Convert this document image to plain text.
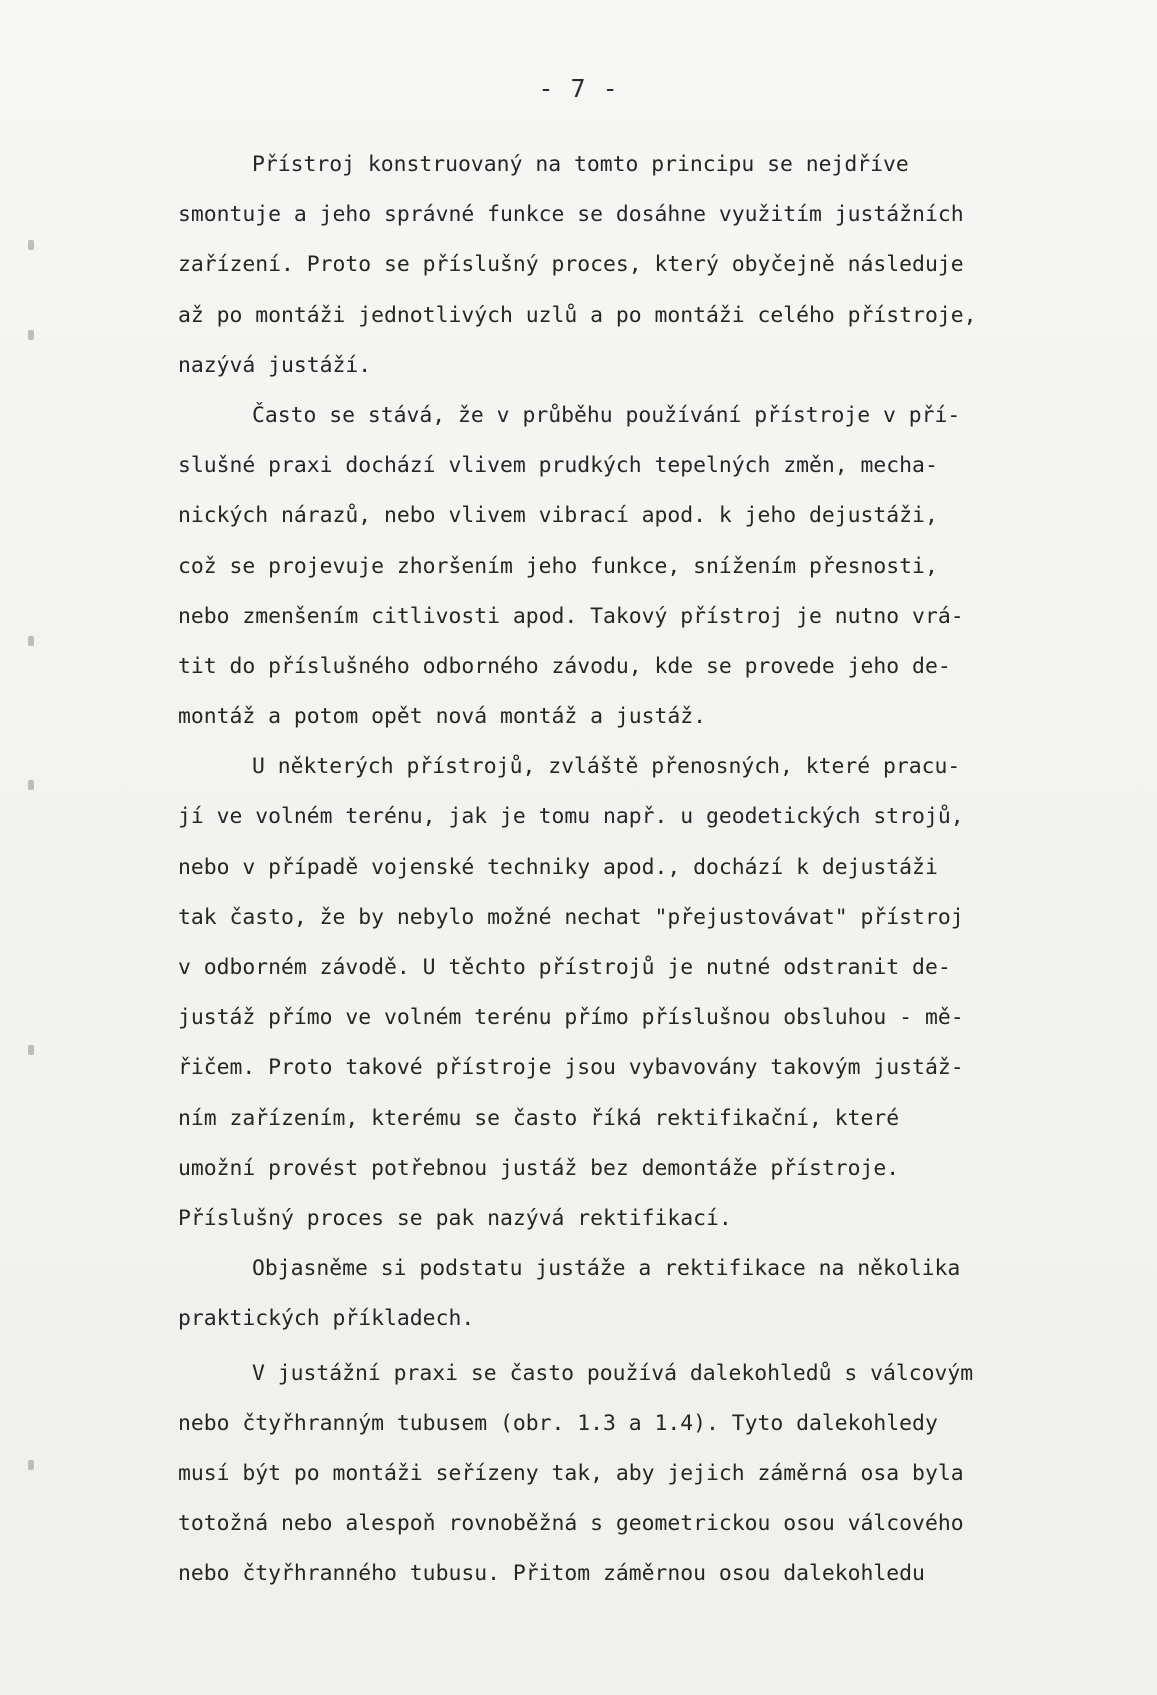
- 7 -
Přístroj konstruovaný na tomto principu se nejdříve
smontuje a jeho správné funkce se dosáhne využitím justážních
zařízení. Proto se příslušný proces, který obyčejně následuje
až po montáži jednotlivých uzlů a po montáži celého přístroje,
nazývá justáží.
Často se stává, že v průběhu používání přístroje v pří-
slušné praxi dochází vlivem prudkých tepelných změn, mecha-
nických nárazů, nebo vlivem vibrací apod. k jeho dejustáži,
což se projevuje zhoršením jeho funkce, snížením přesnosti,
nebo zmenšením citlivosti apod. Takový přístroj je nutno vrá-
tit do příslušného odborného závodu, kde se provede jeho de-
montáž a potom opět nová montáž a justáž.
U některých přístrojů, zvláště přenosných, které pracu-
jí ve volném terénu, jak je tomu např. u geodetických strojů,
nebo v případě vojenské techniky apod., dochází k dejustáži
tak často, že by nebylo možné nechat "přejustovávat" přístroj
v odborném závodě. U těchto přístrojů je nutné odstranit de-
justáž přímo ve volném terénu přímo příslušnou obsluhou - mě-
řičem. Proto takové přístroje jsou vybavovány takovým justáž-
ním zařízením, kterému se často říká rektifikační, které
umožní provést potřebnou justáž bez demontáže přístroje.
Příslušný proces se pak nazývá rektifikací.
Objasněme si podstatu justáže a rektifikace na několika
praktických příkladech.
V justážní praxi se často používá dalekohledů s válcovým
nebo čtyřhranným tubusem (obr. 1.3 a 1.4). Tyto dalekohledy
musí být po montáži seřízeny tak, aby jejich záměrná osa byla
totožná nebo alespoň rovnoběžná s geometrickou osou válcového
nebo čtyřhranného tubusu. Přitom záměrnou osou dalekohledu
